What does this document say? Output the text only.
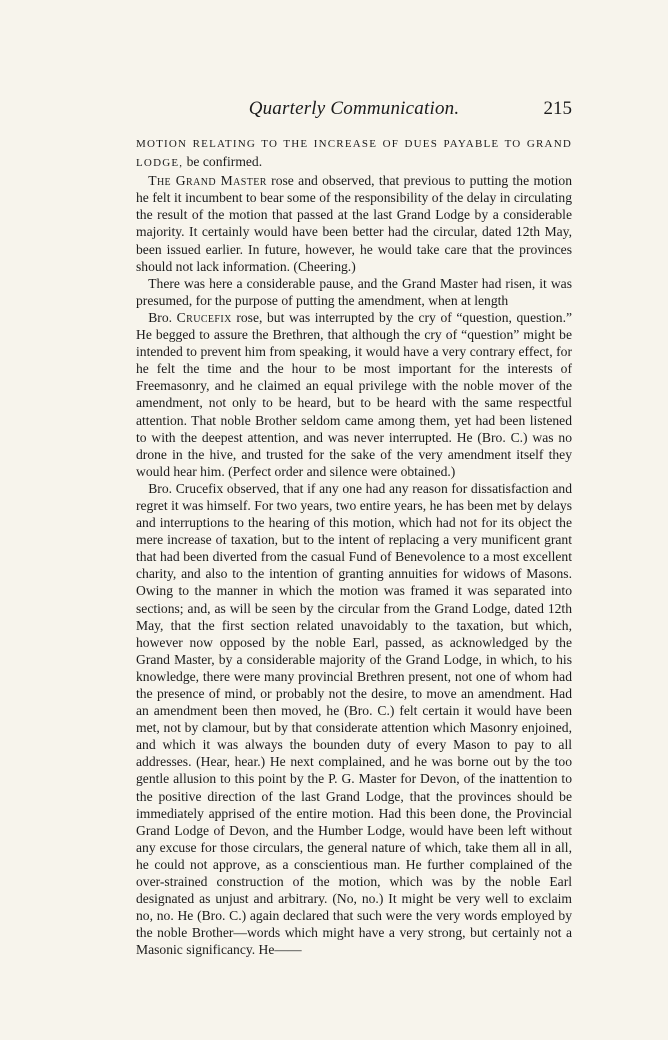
Quarterly Communication.	215

MOTION RELATING TO THE INCREASE OF DUES PAYABLE TO GRAND LODGE, be confirmed.

The Grand Master rose and observed, that previous to putting the motion he felt it incumbent to bear some of the responsibility of the delay in circulating the result of the motion that passed at the last Grand Lodge by a considerable majority. It certainly would have been better had the circular, dated 12th May, been issued earlier. In future, however, he would take care that the provinces should not lack information. (Cheering.)

There was here a considerable pause, and the Grand Master had risen, it was presumed, for the purpose of putting the amendment, when at length

Bro. Crucefix rose, but was interrupted by the cry of “question, question.” He begged to assure the Brethren, that although the cry of “question” might be intended to prevent him from speaking, it would have a very contrary effect, for he felt the time and the hour to be most important for the interests of Freemasonry, and he claimed an equal privilege with the noble mover of the amendment, not only to be heard, but to be heard with the same respectful attention. That noble Brother seldom came among them, yet had been listened to with the deepest attention, and was never interrupted. He (Bro. C.) was no drone in the hive, and trusted for the sake of the very amendment itself they would hear him. (Perfect order and silence were obtained.)

Bro. Crucefix observed, that if any one had any reason for dissatisfaction and regret it was himself. For two years, two entire years, he has been met by delays and interruptions to the hearing of this motion, which had not for its object the mere increase of taxation, but to the intent of replacing a very munificent grant that had been diverted from the casual Fund of Benevolence to a most excellent charity, and also to the intention of granting annuities for widows of Masons. Owing to the manner in which the motion was framed it was separated into sections; and, as will be seen by the circular from the Grand Lodge, dated 12th May, that the first section related unavoidably to the taxation, but which, however now opposed by the noble Earl, passed, as acknowledged by the Grand Master, by a considerable majority of the Grand Lodge, in which, to his knowledge, there were many provincial Brethren present, not one of whom had the presence of mind, or probably not the desire, to move an amendment. Had an amendment been then moved, he (Bro. C.) felt certain it would have been met, not by clamour, but by that considerate attention which Masonry enjoined, and which it was always the bounden duty of every Mason to pay to all addresses. (Hear, hear.) He next complained, and he was borne out by the too gentle allusion to this point by the P. G. Master for Devon, of the inattention to the positive direction of the last Grand Lodge, that the provinces should be immediately apprised of the entire motion. Had this been done, the Provincial Grand Lodge of Devon, and the Humber Lodge, would have been left without any excuse for those circulars, the general nature of which, take them all in all, he could not approve, as a conscientious man. He further complained of the over-strained construction of the motion, which was by the noble Earl designated as unjust and arbitrary. (No, no.) It might be very well to exclaim no, no. He (Bro. C.) again declared that such were the very words employed by the noble Brother—words which might have a very strong, but certainly not a Masonic significancy. He——
